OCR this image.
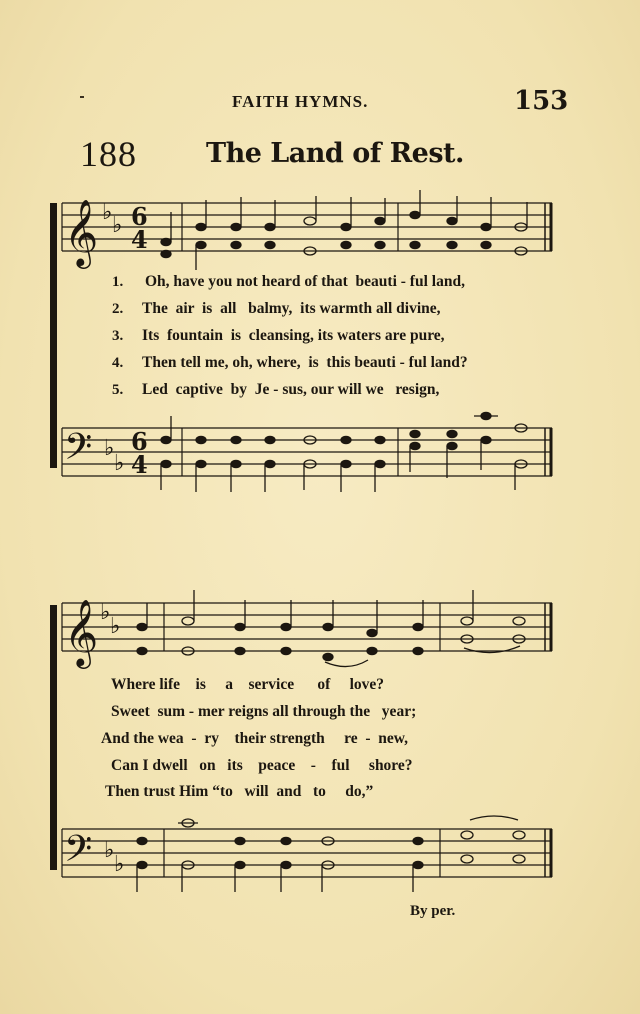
FAITH HYMNS.	153
188	The Land of Rest.
𝄞
𝄢
♭
♭
♭
♭
6
4
6
4
𝄞
𝄢
♭
♭
♭
♭
1.
2.
3.
4.
5.
Oh, have you not heard of that  beauti - ful land,
The  air  is  all   balmy,  its warmth all divine,
Its  fountain  is  cleansing, its waters are pure,
Then tell me, oh, where,  is  this beauti - ful land?
Led  captive  by  Je - sus, our will we   resign,
Where life    is     a    service      of     love?
Sweet  sum - mer reigns all through the   year;
And the wea  -  ry    their strength     re  -  new,
Can I dwell   on   its    peace    -    ful     shore?
Then trust Him “to   will  and   to     do,”
By per.
